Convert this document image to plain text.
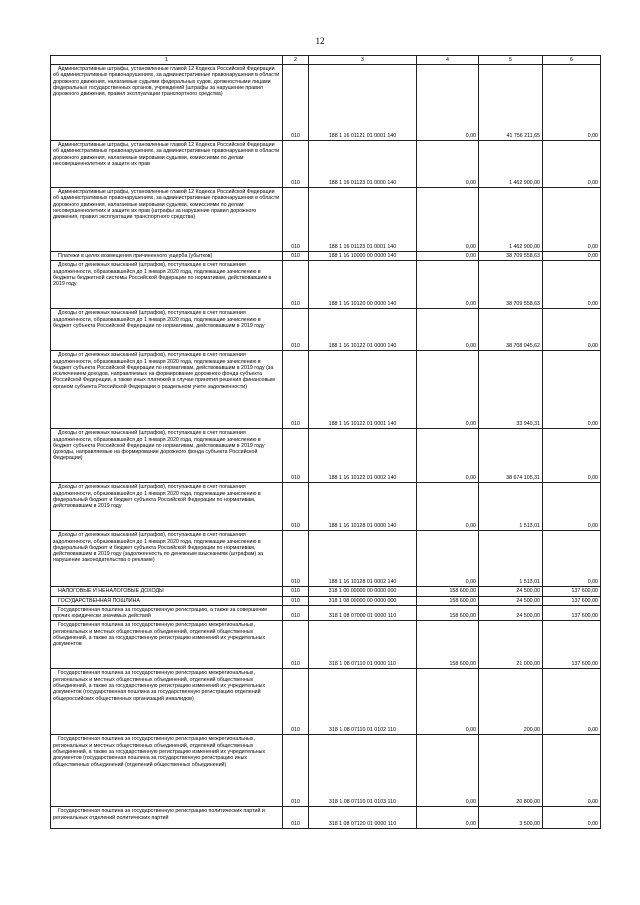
12
1	2	3	4	5	6
Административные штрафы, установленные главой 12 Кодекса Российской Федерации об административных правонарушениях, за административные правонарушения в области дорожного движения, налагаемые судьями федеральных судов, должностными лицами федеральных государственных органов, учреждений (штрафы за нарушение правил дорожного движения, правил эксплуатации транспортного средства)	010	188 1 16 01121 01 0001 140	0,00	41 756 211,65	0,00
Административные штрафы, установленные главой 12 Кодекса Российской Федерации об административных правонарушениях, за административные правонарушения в области дорожного движения, налагаемые мировыми судьями, комиссиями по делам несовершеннолетних и защите их прав	010	188 1 16 01123 01 0000 140	0,00	1 462 900,00	0,00
Административные штрафы, установленные главой 12 Кодекса Российской Федерации об административных правонарушениях, за административные правонарушения в области дорожного движения, налагаемые мировыми судьями, комиссиями по делам несовершеннолетних и защите их прав (штрафы за нарушение правил дорожного движения, правил эксплуатации транспортного средства)	010	188 1 16 01123 01 0001 140	0,00	1 462 900,00	0,00
Платежи в целях возмещения причиненного ущерба (убытков)	010	188 1 16 10000 00 0000 140	0,00	38 709 558,63	0,00
Доходы от денежных взысканий (штрафов), поступающие в счет погашения задолженности, образовавшейся до 1 января 2020 года, подлежащие зачислению в бюджеты бюджетной системы Российской Федерации по нормативам, действовавшим в 2019 году	010	188 1 16 10120 00 0000 140	0,00	38 709 558,63	0,00
Доходы от денежных взысканий (штрафов), поступающие в счет погашения задолженности, образовавшейся до 1 января 2020 года, подлежащие зачислению в бюджет субъекта Российской Федерации по нормативам, действовавшим в 2019 году	010	188 1 16 10122 01 0000 140	0,00	38 708 045,62	0,00
Доходы от денежных взысканий (штрафов), поступающие в счет погашения задолженности, образовавшейся до 1 января 2020 года, подлежащие зачислению в бюджет субъекта Российской Федерации по нормативам, действовавшим в 2019 году (за исключением доходов, направляемых на формирование дорожного фонда субъекта Российской Федерации, а также иных платежей в случае принятия решения финансовым органом субъекта Российской Федерации о раздельном учете задолженности)	010	188 1 16 10122 01 0001 140	0,00	33 940,31	0,00
Доходы от денежных взысканий (штрафов), поступающие в счет погашения задолженности, образовавшейся до 1 января 2020 года, подлежащие зачислению в бюджет субъекта Российской Федерации по нормативам, действовавшим в 2019 году (доходы, направляемые на формирование дорожного фонда субъекта Российской Федерации)	010	188 1 16 10122 01 0002 140	0,00	38 674 105,31	0,00
Доходы от денежных взысканий (штрафов), поступающие в счет погашения задолженности, образовавшейся до 1 января 2020 года, подлежащие зачислению в федеральный бюджет и бюджет субъекта Российской Федерации по нормативам, действовавшим в 2019 году	010	188 1 16 10128 01 0000 140	0,00	1 513,01	0,00
Доходы от денежных взысканий (штрафов), поступающие в счет погашения задолженности, образовавшейся до 1 января 2020 года, подлежащие зачислению в федеральный бюджет и бюджет субъекта Российской Федерации по нормативам, действовавшим в 2019 году (задолженность по денежным взысканиям (штрафам) за нарушение законодательства о рекламе)	010	188 1 16 10128 01 0002 140	0,00	1 513,01	0,00
НАЛОГОВЫЕ И НЕНАЛОГОВЫЕ ДОХОДЫ	010	318 1 00 00000 00 0000 000	158 600,00	24 500,00	137 600,00
ГОСУДАРСТВЕННАЯ ПОШЛИНА	010	318 1 08 00000 00 0000 000	158 600,00	24 500,00	137 600,00
Государственная пошлина за государственную регистрацию, а также за совершение прочих юридически значимых действий	010	318 1 08 07000 01 0000 110	158 600,00	24 500,00	137 600,00
Государственная пошлина за государственную регистрацию межрегиональных, региональных и местных общественных объединений, отделений общественных объединений, а также за государственную регистрацию изменений их учредительных документов	010	318 1 08 07110 01 0000 110	158 600,00	21 000,00	137 600,00
Государственная пошлина за государственную регистрацию межрегиональных, региональных и местных общественных объединений, отделений общественных объединений, а также за государственную регистрацию изменений их учредительных документов (государственная пошлина за государственную регистрацию отделений общероссийских общественных организаций инвалидов)	010	318 1 08 07110 01 0102 110	0,00	200,00	0,00
Государственная пошлина за государственную регистрацию межрегиональных, региональных и местных общественных объединений, отделений общественных объединений, а также за государственную регистрацию изменений их учредительных документов (государственная пошлина за государственную регистрацию иных общественных объединений (отделений общественных объединений)	010	318 1 08 07110 01 0103 110	0,00	20 800,00	0,00
Государственная пошлина за государственную регистрацию политических партий и региональных отделений политических партий	010	318 1 08 07120 01 0000 110	0,00	3 500,00	0,00
